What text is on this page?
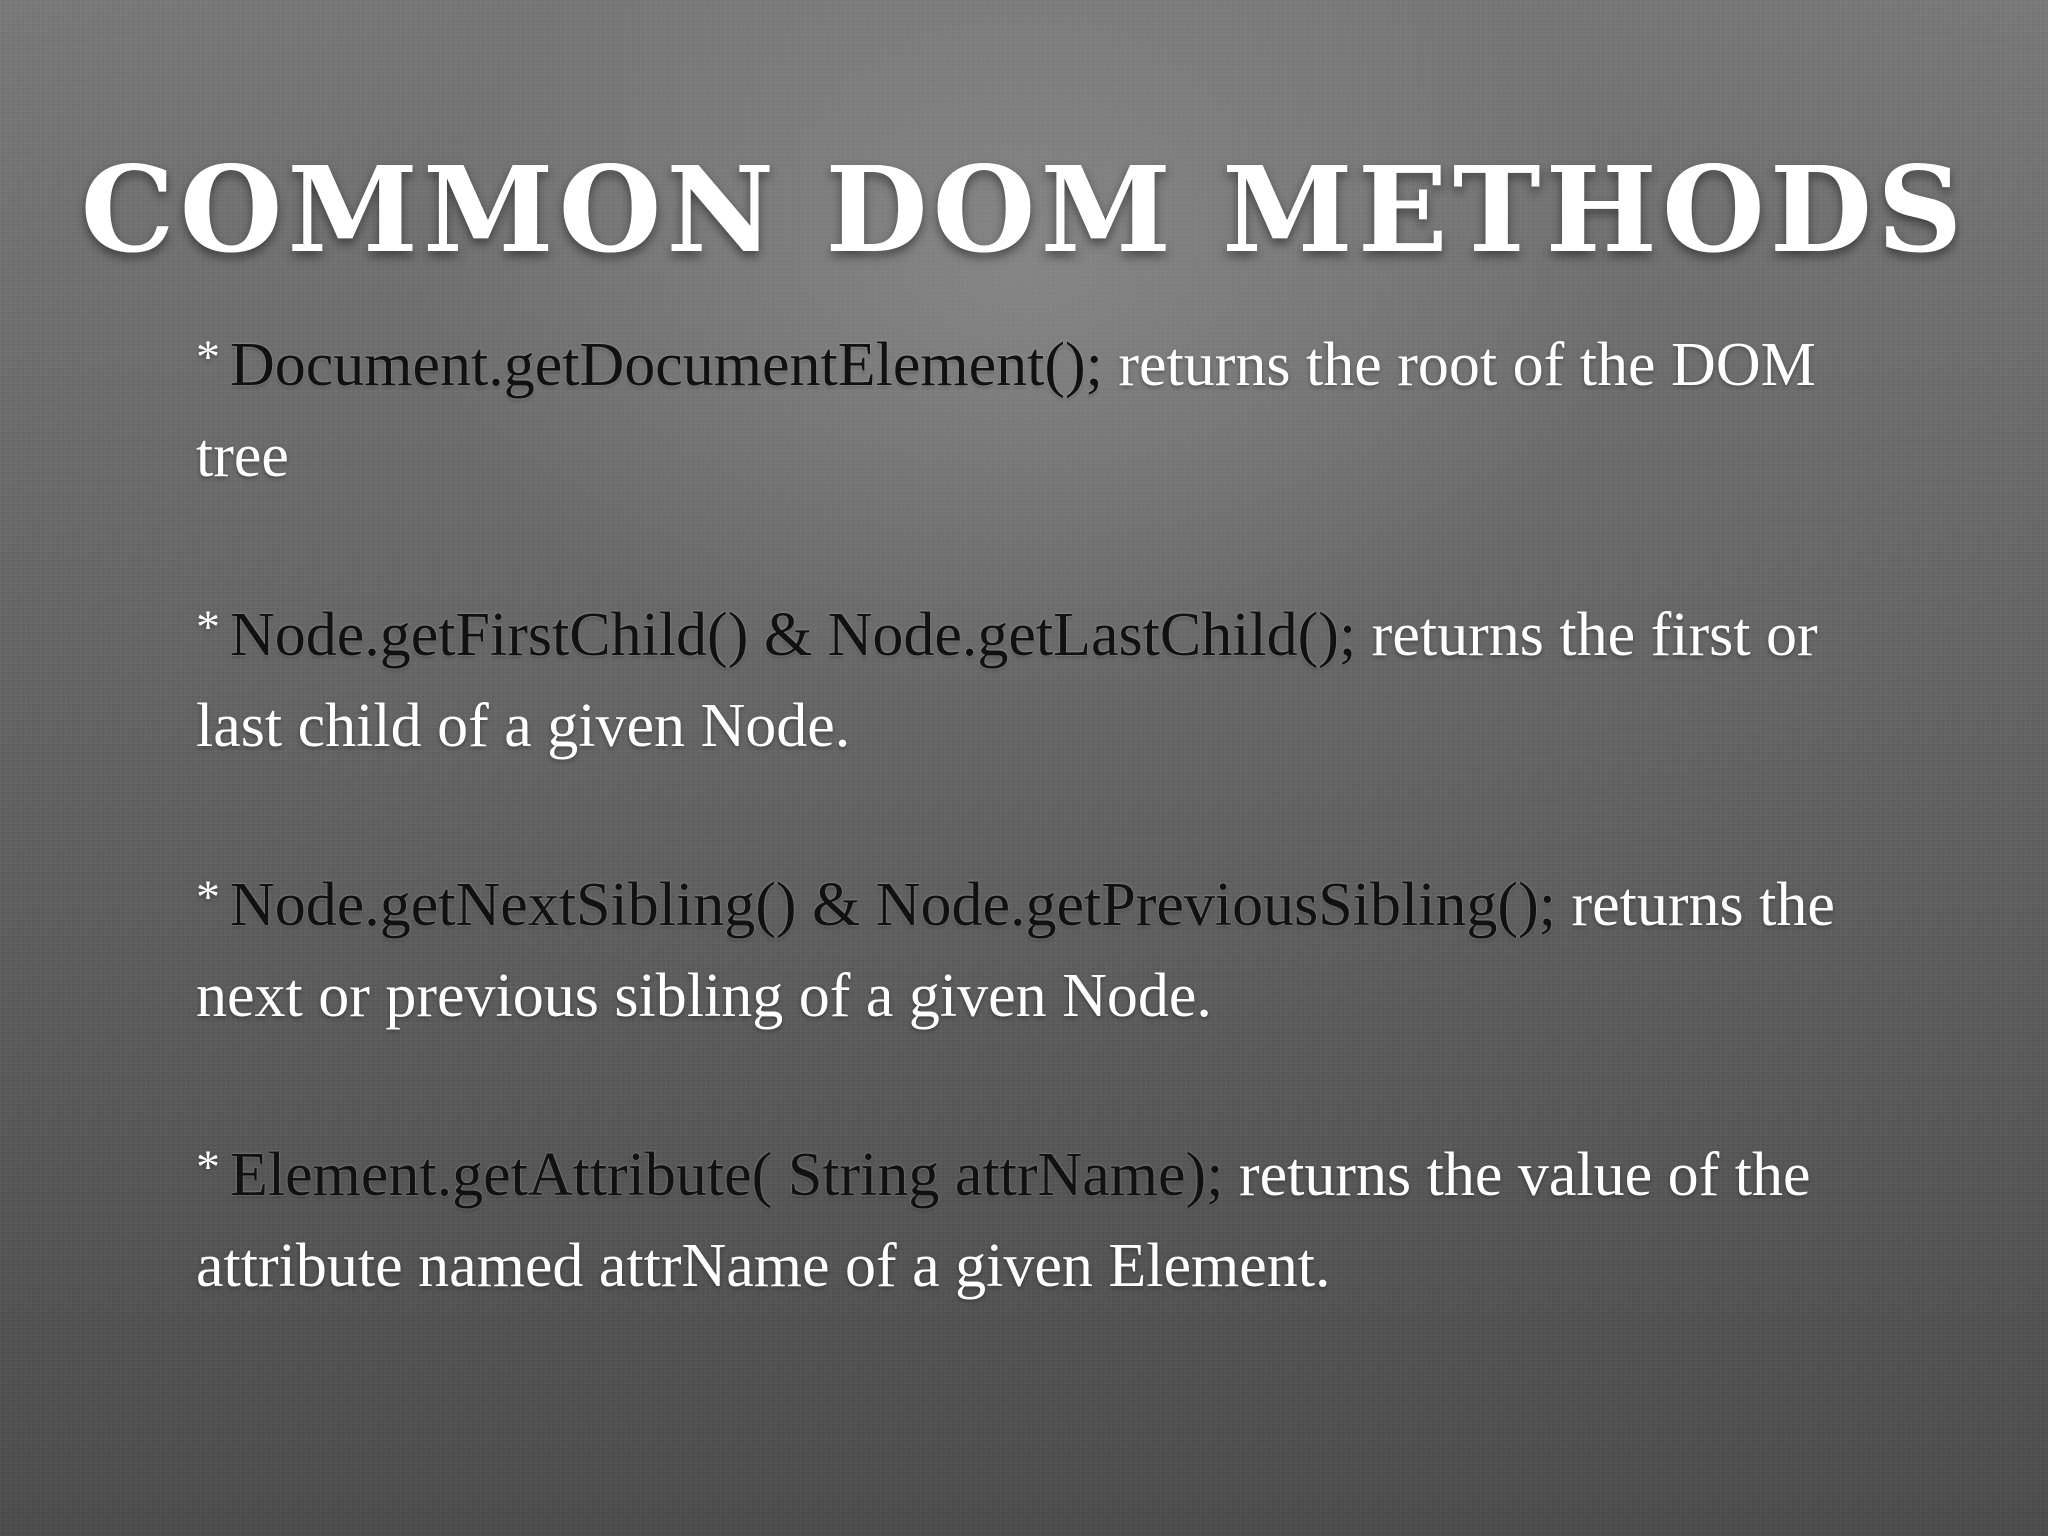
COMMON DOM METHODS

* Document.getDocumentElement(); returns the root of the DOM tree

* Node.getFirstChild() & Node.getLastChild(); returns the first or last child of a given Node.

* Node.getNextSibling() & Node.getPreviousSibling(); returns the next or previous sibling of a given Node.

* Element.getAttribute( String attrName); returns the value of the attribute named attrName of a given Element.
